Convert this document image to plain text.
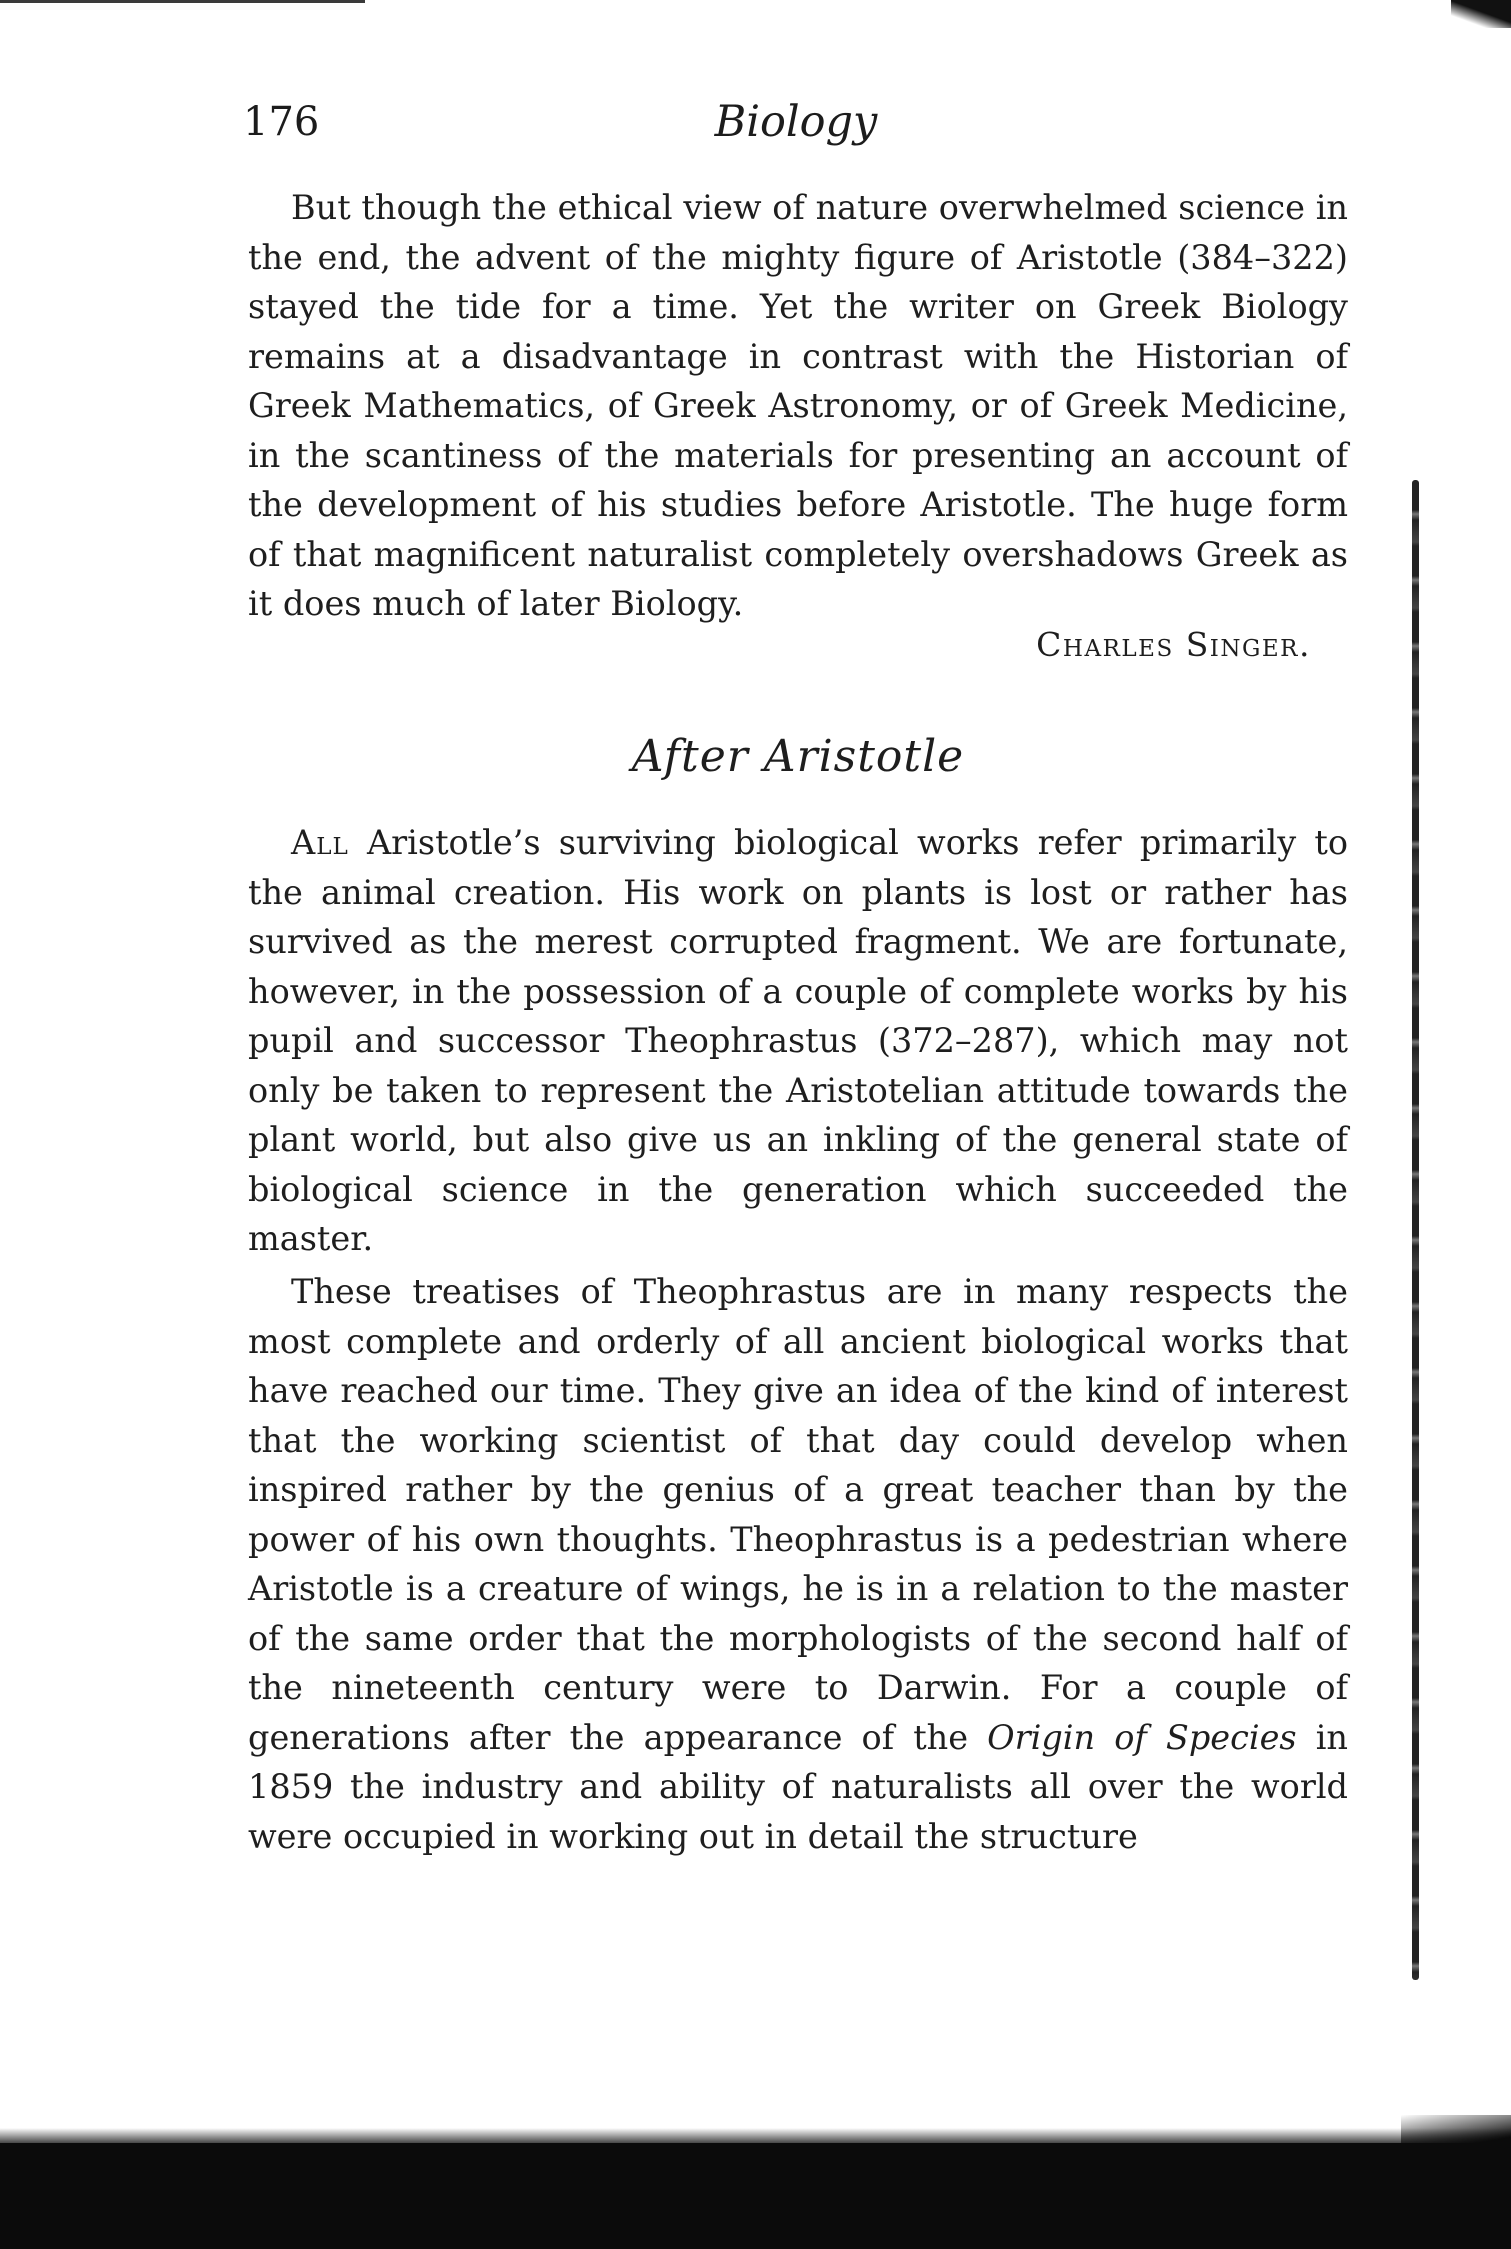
176	Biology

But though the ethical view of nature overwhelmed science in the end, the advent of the mighty figure of Aristotle (384–322) stayed the tide for a time. Yet the writer on Greek Biology remains at a disadvantage in contrast with the Historian of Greek Mathematics, of Greek Astronomy, or of Greek Medicine, in the scantiness of the materials for presenting an account of the development of his studies before Aristotle. The huge form of that magnificent naturalist completely overshadows Greek as it does much of later Biology.

Charles Singer.
After Aristotle

All Aristotle’s surviving biological works refer primarily to the animal creation. His work on plants is lost or rather has survived as the merest corrupted fragment. We are fortunate, however, in the possession of a couple of complete works by his pupil and successor Theophrastus (372–287), which may not only be taken to represent the Aristotelian attitude towards the plant world, but also give us an inkling of the general state of biological science in the generation which succeeded the master.

These treatises of Theophrastus are in many respects the most complete and orderly of all ancient biological works that have reached our time. They give an idea of the kind of interest that the working scientist of that day could develop when inspired rather by the genius of a great teacher than by the power of his own thoughts. Theophrastus is a pedestrian where Aristotle is a creature of wings, he is in a relation to the master of the same order that the morphologists of the second half of the nineteenth century were to Darwin. For a couple of generations after the appearance of the Origin of Species in 1859 the industry and ability of naturalists all over the world were occupied in working out in detail the structure
